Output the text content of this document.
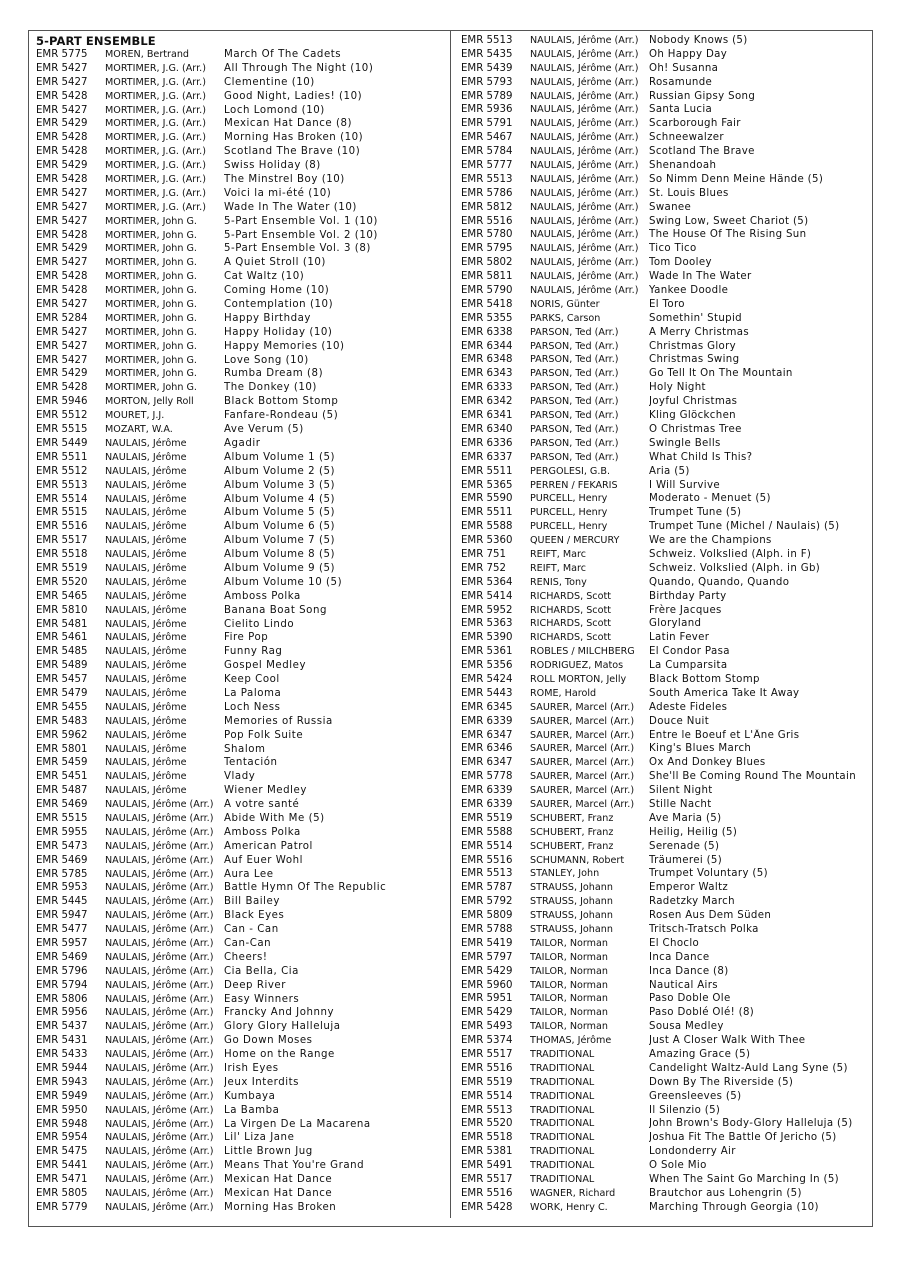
5-PART ENSEMBLE
EMR 5775	MOREN, Bertrand	March Of The Cadets
EMR 5427	MORTIMER, J.G. (Arr.)	All Through The Night (10)
EMR 5427	MORTIMER, J.G. (Arr.)	Clementine (10)
EMR 5428	MORTIMER, J.G. (Arr.)	Good Night, Ladies! (10)
EMR 5427	MORTIMER, J.G. (Arr.)	Loch Lomond (10)
EMR 5429	MORTIMER, J.G. (Arr.)	Mexican Hat Dance (8)
EMR 5428	MORTIMER, J.G. (Arr.)	Morning Has Broken (10)
EMR 5428	MORTIMER, J.G. (Arr.)	Scotland The Brave (10)
EMR 5429	MORTIMER, J.G. (Arr.)	Swiss Holiday (8)
EMR 5428	MORTIMER, J.G. (Arr.)	The Minstrel Boy (10)
EMR 5427	MORTIMER, J.G. (Arr.)	Voici la mi-été (10)
EMR 5427	MORTIMER, J.G. (Arr.)	Wade In The Water (10)
EMR 5427	MORTIMER, John G.	5-Part Ensemble Vol. 1 (10)
EMR 5428	MORTIMER, John G.	5-Part Ensemble Vol. 2 (10)
EMR 5429	MORTIMER, John G.	5-Part Ensemble Vol. 3 (8)
EMR 5427	MORTIMER, John G.	A Quiet Stroll (10)
EMR 5428	MORTIMER, John G.	Cat Waltz (10)
EMR 5428	MORTIMER, John G.	Coming Home (10)
EMR 5427	MORTIMER, John G.	Contemplation (10)
EMR 5284	MORTIMER, John G.	Happy Birthday
EMR 5427	MORTIMER, John G.	Happy Holiday (10)
EMR 5427	MORTIMER, John G.	Happy Memories (10)
EMR 5427	MORTIMER, John G.	Love Song (10)
EMR 5429	MORTIMER, John G.	Rumba Dream (8)
EMR 5428	MORTIMER, John G.	The Donkey (10)
EMR 5946	MORTON, Jelly Roll	Black Bottom Stomp
EMR 5512	MOURET, J.J.	Fanfare-Rondeau (5)
EMR 5515	MOZART, W.A.	Ave Verum (5)
EMR 5449	NAULAIS, Jérôme	Agadir
EMR 5511	NAULAIS, Jérôme	Album Volume 1 (5)
EMR 5512	NAULAIS, Jérôme	Album Volume 2 (5)
EMR 5513	NAULAIS, Jérôme	Album Volume 3 (5)
EMR 5514	NAULAIS, Jérôme	Album Volume 4 (5)
EMR 5515	NAULAIS, Jérôme	Album Volume 5 (5)
EMR 5516	NAULAIS, Jérôme	Album Volume 6 (5)
EMR 5517	NAULAIS, Jérôme	Album Volume 7 (5)
EMR 5518	NAULAIS, Jérôme	Album Volume 8 (5)
EMR 5519	NAULAIS, Jérôme	Album Volume 9 (5)
EMR 5520	NAULAIS, Jérôme	Album Volume 10 (5)
EMR 5465	NAULAIS, Jérôme	Amboss Polka
EMR 5810	NAULAIS, Jérôme	Banana Boat Song
EMR 5481	NAULAIS, Jérôme	Cielito Lindo
EMR 5461	NAULAIS, Jérôme	Fire Pop
EMR 5485	NAULAIS, Jérôme	Funny Rag
EMR 5489	NAULAIS, Jérôme	Gospel Medley
EMR 5457	NAULAIS, Jérôme	Keep Cool
EMR 5479	NAULAIS, Jérôme	La Paloma
EMR 5455	NAULAIS, Jérôme	Loch Ness
EMR 5483	NAULAIS, Jérôme	Memories of Russia
EMR 5962	NAULAIS, Jérôme	Pop Folk Suite
EMR 5801	NAULAIS, Jérôme	Shalom
EMR 5459	NAULAIS, Jérôme	Tentación
EMR 5451	NAULAIS, Jérôme	Vlady
EMR 5487	NAULAIS, Jérôme	Wiener Medley
EMR 5469	NAULAIS, Jérôme (Arr.)	A votre santé
EMR 5515	NAULAIS, Jérôme (Arr.)	Abide With Me (5)
EMR 5955	NAULAIS, Jérôme (Arr.)	Amboss Polka
EMR 5473	NAULAIS, Jérôme (Arr.)	American Patrol
EMR 5469	NAULAIS, Jérôme (Arr.)	Auf Euer Wohl
EMR 5785	NAULAIS, Jérôme (Arr.)	Aura Lee
EMR 5953	NAULAIS, Jérôme (Arr.)	Battle Hymn Of The Republic
EMR 5445	NAULAIS, Jérôme (Arr.)	Bill Bailey
EMR 5947	NAULAIS, Jérôme (Arr.)	Black Eyes
EMR 5477	NAULAIS, Jérôme (Arr.)	Can - Can
EMR 5957	NAULAIS, Jérôme (Arr.)	Can-Can
EMR 5469	NAULAIS, Jérôme (Arr.)	Cheers!
EMR 5796	NAULAIS, Jérôme (Arr.)	Cia Bella, Cia
EMR 5794	NAULAIS, Jérôme (Arr.)	Deep River
EMR 5806	NAULAIS, Jérôme (Arr.)	Easy Winners
EMR 5956	NAULAIS, Jérôme (Arr.)	Francky And Johnny
EMR 5437	NAULAIS, Jérôme (Arr.)	Glory Glory Halleluja
EMR 5431	NAULAIS, Jérôme (Arr.)	Go Down Moses
EMR 5433	NAULAIS, Jérôme (Arr.)	Home on the Range
EMR 5944	NAULAIS, Jérôme (Arr.)	Irish Eyes
EMR 5943	NAULAIS, Jérôme (Arr.)	Jeux Interdits
EMR 5949	NAULAIS, Jérôme (Arr.)	Kumbaya
EMR 5950	NAULAIS, Jérôme (Arr.)	La Bamba
EMR 5948	NAULAIS, Jérôme (Arr.)	La Virgen De La Macarena
EMR 5954	NAULAIS, Jérôme (Arr.)	Lil' Liza Jane
EMR 5475	NAULAIS, Jérôme (Arr.)	Little Brown Jug
EMR 5441	NAULAIS, Jérôme (Arr.)	Means That You're Grand
EMR 5471	NAULAIS, Jérôme (Arr.)	Mexican Hat Dance
EMR 5805	NAULAIS, Jérôme (Arr.)	Mexican Hat Dance
EMR 5779	NAULAIS, Jérôme (Arr.)	Morning Has Broken
EMR 5513	NAULAIS, Jérôme (Arr.)	Nobody Knows (5)
EMR 5435	NAULAIS, Jérôme (Arr.)	Oh Happy Day
EMR 5439	NAULAIS, Jérôme (Arr.)	Oh! Susanna
EMR 5793	NAULAIS, Jérôme (Arr.)	Rosamunde
EMR 5789	NAULAIS, Jérôme (Arr.)	Russian Gipsy Song
EMR 5936	NAULAIS, Jérôme (Arr.)	Santa Lucia
EMR 5791	NAULAIS, Jérôme (Arr.)	Scarborough Fair
EMR 5467	NAULAIS, Jérôme (Arr.)	Schneewalzer
EMR 5784	NAULAIS, Jérôme (Arr.)	Scotland The Brave
EMR 5777	NAULAIS, Jérôme (Arr.)	Shenandoah
EMR 5513	NAULAIS, Jérôme (Arr.)	So Nimm Denn Meine Hände (5)
EMR 5786	NAULAIS, Jérôme (Arr.)	St. Louis Blues
EMR 5812	NAULAIS, Jérôme (Arr.)	Swanee
EMR 5516	NAULAIS, Jérôme (Arr.)	Swing Low, Sweet Chariot (5)
EMR 5780	NAULAIS, Jérôme (Arr.)	The House Of The Rising Sun
EMR 5795	NAULAIS, Jérôme (Arr.)	Tico Tico
EMR 5802	NAULAIS, Jérôme (Arr.)	Tom Dooley
EMR 5811	NAULAIS, Jérôme (Arr.)	Wade In The Water
EMR 5790	NAULAIS, Jérôme (Arr.)	Yankee Doodle
EMR 5418	NORIS, Günter	El Toro
EMR 5355	PARKS, Carson	Somethin' Stupid
EMR 6338	PARSON, Ted (Arr.)	A Merry Christmas
EMR 6344	PARSON, Ted (Arr.)	Christmas Glory
EMR 6348	PARSON, Ted (Arr.)	Christmas Swing
EMR 6343	PARSON, Ted (Arr.)	Go Tell It On The Mountain
EMR 6333	PARSON, Ted (Arr.)	Holy Night
EMR 6342	PARSON, Ted (Arr.)	Joyful Christmas
EMR 6341	PARSON, Ted (Arr.)	Kling Glöckchen
EMR 6340	PARSON, Ted (Arr.)	O Christmas Tree
EMR 6336	PARSON, Ted (Arr.)	Swingle Bells
EMR 6337	PARSON, Ted (Arr.)	What Child Is This?
EMR 5511	PERGOLESI, G.B.	Aria (5)
EMR 5365	PERREN / FEKARIS	I Will Survive
EMR 5590	PURCELL, Henry	Moderato - Menuet (5)
EMR 5511	PURCELL, Henry	Trumpet Tune (5)
EMR 5588	PURCELL, Henry	Trumpet Tune (Michel / Naulais) (5)
EMR 5360	QUEEN / MERCURY	We are the Champions
EMR 751	REIFT, Marc	Schweiz. Volkslied (Alph. in F)
EMR 752	REIFT, Marc	Schweiz. Volkslied (Alph. in Gb)
EMR 5364	RENIS, Tony	Quando, Quando, Quando
EMR 5414	RICHARDS, Scott	Birthday Party
EMR 5952	RICHARDS, Scott	Frère Jacques
EMR 5363	RICHARDS, Scott	Gloryland
EMR 5390	RICHARDS, Scott	Latin Fever
EMR 5361	ROBLES / MILCHBERG	El Condor Pasa
EMR 5356	RODRIGUEZ, Matos	La Cumparsita
EMR 5424	ROLL MORTON, Jelly	Black Bottom Stomp
EMR 5443	ROME, Harold	South America Take It Away
EMR 6345	SAURER, Marcel (Arr.)	Adeste Fideles
EMR 6339	SAURER, Marcel (Arr.)	Douce Nuit
EMR 6347	SAURER, Marcel (Arr.)	Entre le Boeuf et L'Âne Gris
EMR 6346	SAURER, Marcel (Arr.)	King's Blues March
EMR 6347	SAURER, Marcel (Arr.)	Ox And Donkey Blues
EMR 5778	SAURER, Marcel (Arr.)	She'll Be Coming Round The Mountain
EMR 6339	SAURER, Marcel (Arr.)	Silent Night
EMR 6339	SAURER, Marcel (Arr.)	Stille Nacht
EMR 5519	SCHUBERT, Franz	Ave Maria (5)
EMR 5588	SCHUBERT, Franz	Heilig, Heilig (5)
EMR 5514	SCHUBERT, Franz	Serenade (5)
EMR 5516	SCHUMANN, Robert	Träumerei (5)
EMR 5513	STANLEY, John	Trumpet Voluntary (5)
EMR 5787	STRAUSS, Johann	Emperor Waltz
EMR 5792	STRAUSS, Johann	Radetzky March
EMR 5809	STRAUSS, Johann	Rosen Aus Dem Süden
EMR 5788	STRAUSS, Johann	Tritsch-Tratsch Polka
EMR 5419	TAILOR, Norman	El Choclo
EMR 5797	TAILOR, Norman	Inca Dance
EMR 5429	TAILOR, Norman	Inca Dance (8)
EMR 5960	TAILOR, Norman	Nautical Airs
EMR 5951	TAILOR, Norman	Paso Doble Ole
EMR 5429	TAILOR, Norman	Paso Doblé Olé! (8)
EMR 5493	TAILOR, Norman	Sousa Medley
EMR 5374	THOMAS, Jérôme	Just A Closer Walk With Thee
EMR 5517	TRADITIONAL	Amazing Grace (5)
EMR 5516	TRADITIONAL	Candelight Waltz-Auld Lang Syne (5)
EMR 5519	TRADITIONAL	Down By The Riverside (5)
EMR 5514	TRADITIONAL	Greensleeves (5)
EMR 5513	TRADITIONAL	Il Silenzio (5)
EMR 5520	TRADITIONAL	John Brown's Body-Glory Halleluja (5)
EMR 5518	TRADITIONAL	Joshua Fit The Battle Of Jericho (5)
EMR 5381	TRADITIONAL	Londonderry Air
EMR 5491	TRADITIONAL	O Sole Mio
EMR 5517	TRADITIONAL	When The Saint Go Marching In (5)
EMR 5516	WAGNER, Richard	Brautchor aus Lohengrin (5)
EMR 5428	WORK, Henry C.	Marching Through Georgia (10)
